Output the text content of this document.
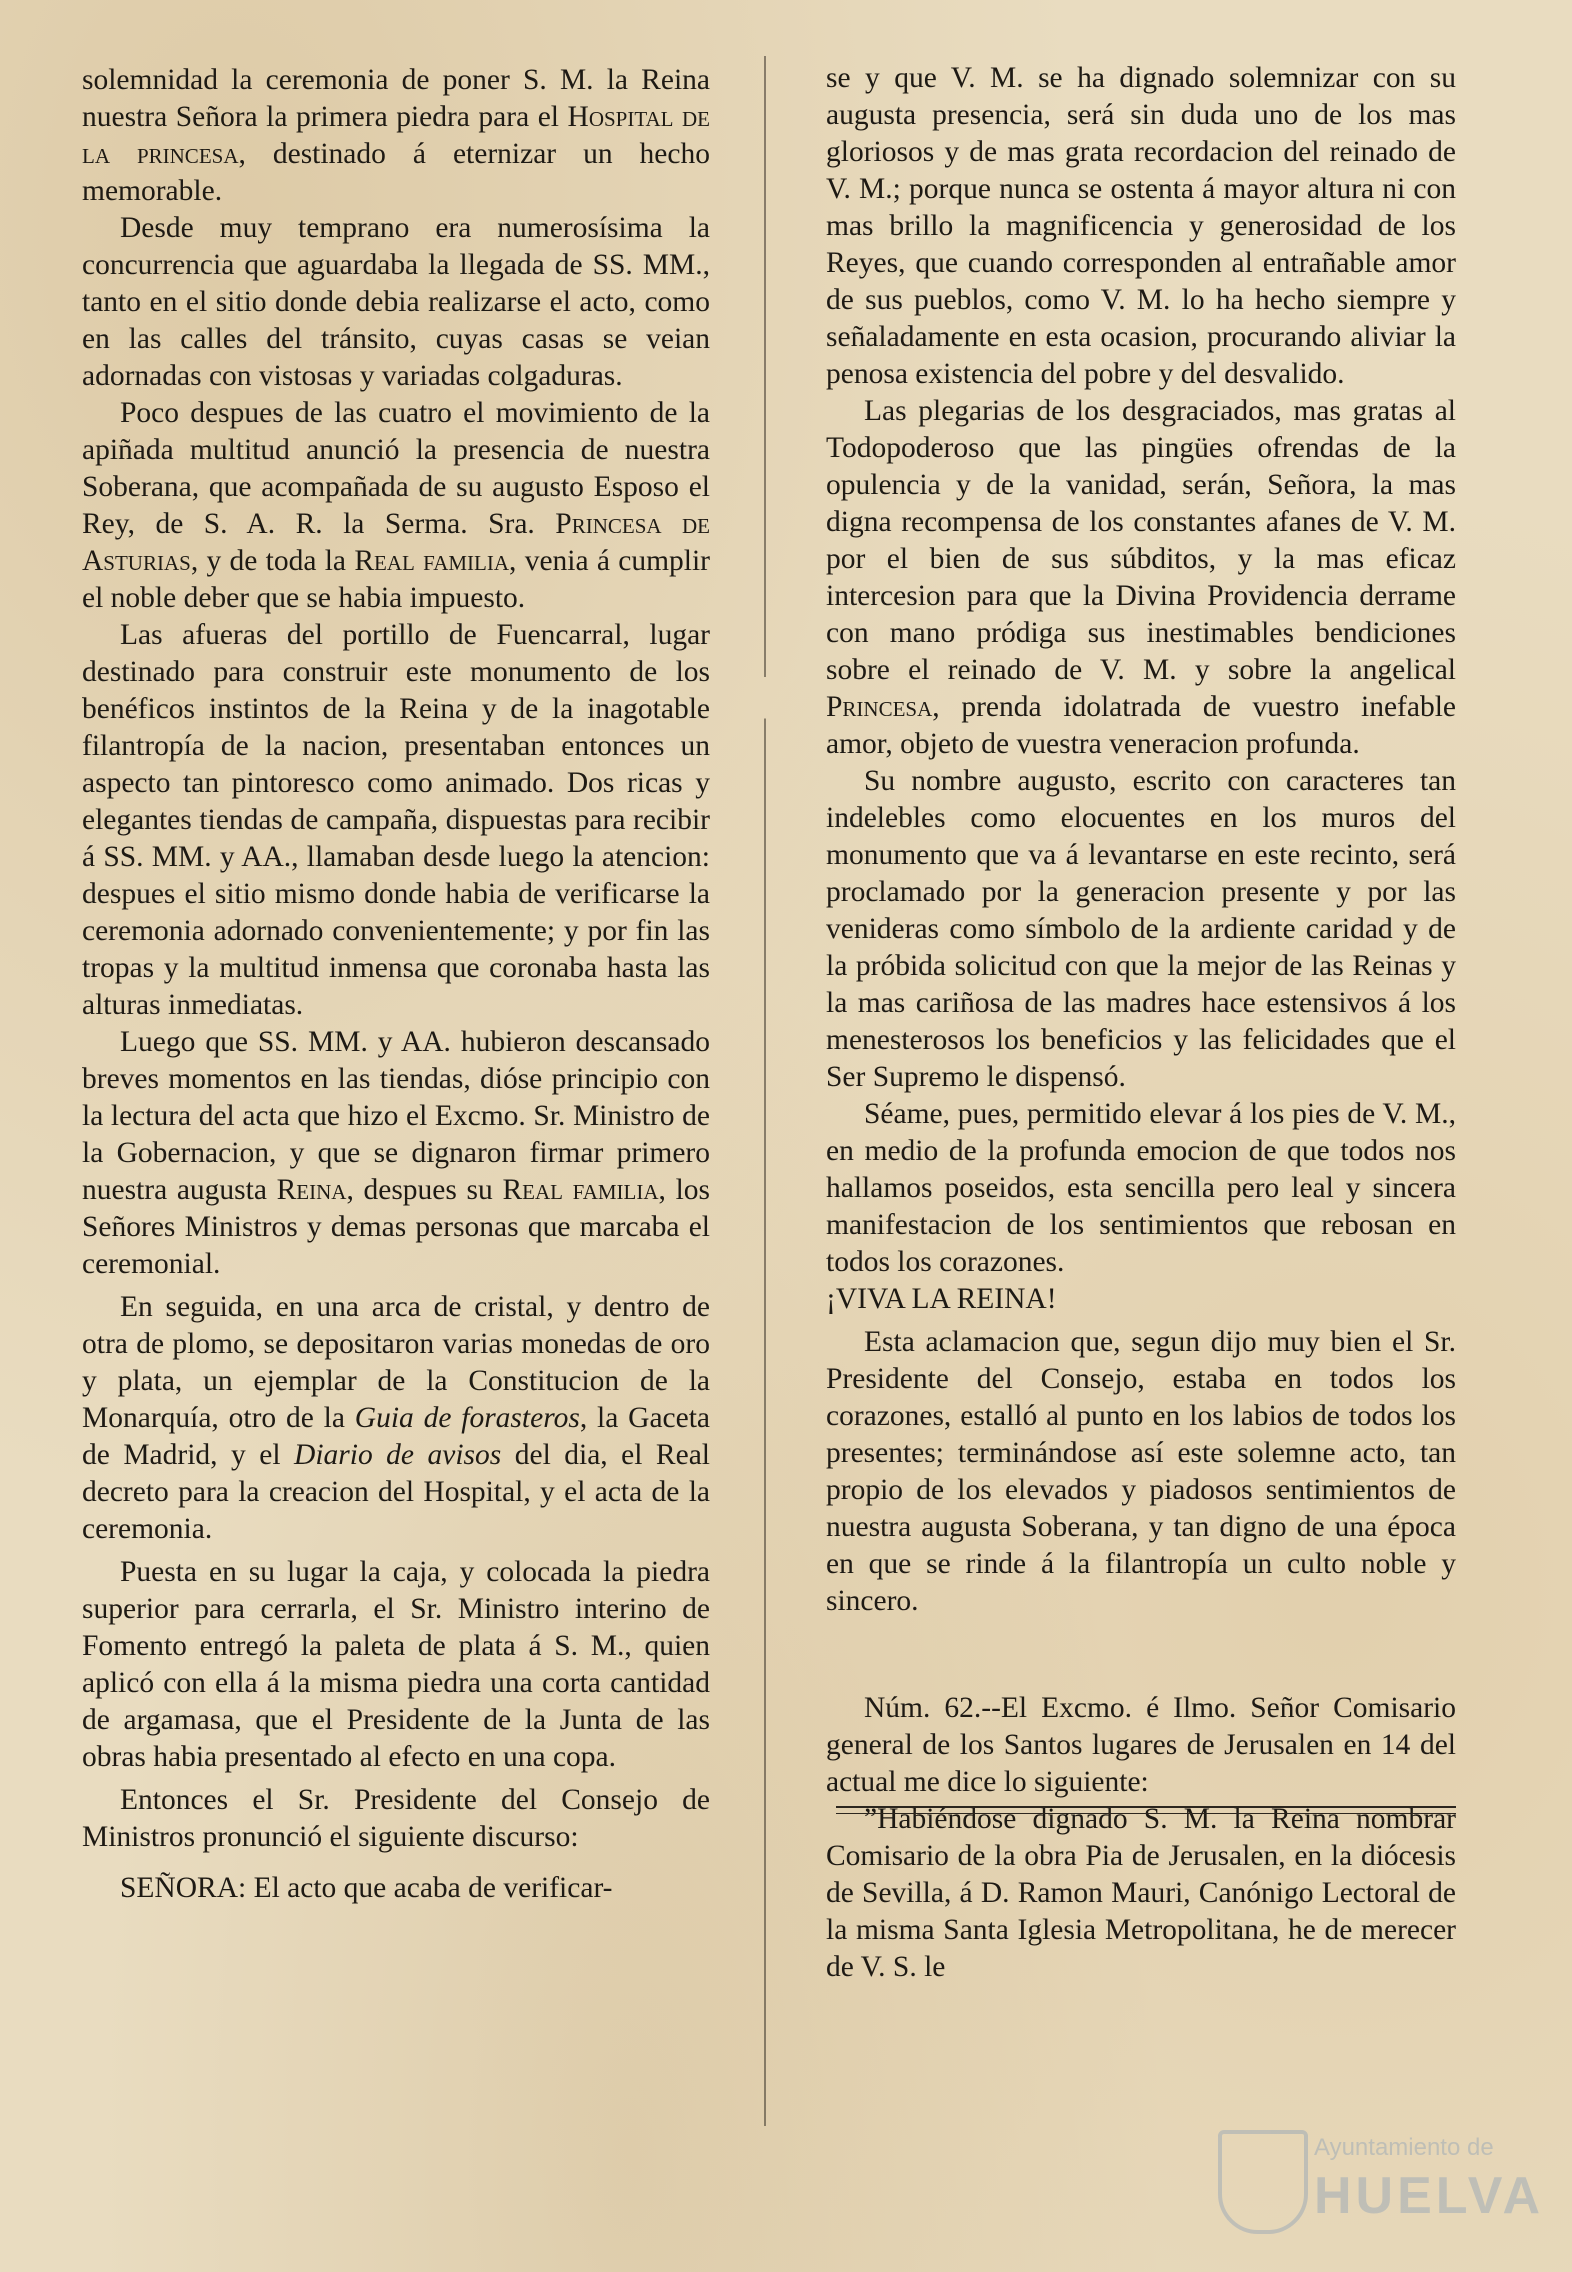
solemnidad la ceremonia de poner S. M. la Reina nuestra Señora la primera piedra para el Hospital de la princesa, destinado á eternizar un hecho memorable.

Desde muy temprano era numerosísima la concurrencia que aguardaba la llegada de SS. MM., tanto en el sitio donde debia realizarse el acto, como en las calles del tránsito, cuyas casas se veian adornadas con vistosas y variadas colgaduras.

Poco despues de las cuatro el movimiento de la apiñada multitud anunció la presencia de nuestra Soberana, que acompañada de su augusto Esposo el Rey, de S. A. R. la Serma. Sra. Princesa de Asturias, y de toda la Real familia, venia á cumplir el noble deber que se habia impuesto.

Las afueras del portillo de Fuencarral, lugar destinado para construir este monumento de los benéficos instintos de la Reina y de la inagotable filantropía de la nacion, presentaban entonces un aspecto tan pintoresco como animado. Dos ricas y elegantes tiendas de campaña, dispuestas para recibir á SS. MM. y AA., llamaban desde luego la atencion: despues el sitio mismo donde habia de verificarse la ceremonia adornado convenientemente; y por fin las tropas y la multitud inmensa que coronaba hasta las alturas inmediatas.

Luego que SS. MM. y AA. hubieron descansado breves momentos en las tiendas, dióse principio con la lectura del acta que hizo el Excmo. Sr. Ministro de la Gobernacion, y que se dignaron firmar primero nuestra augusta Reina, despues su Real familia, los Señores Ministros y demas personas que marcaba el ceremonial.

En seguida, en una arca de cristal, y dentro de otra de plomo, se depositaron varias monedas de oro y plata, un ejemplar de la Constitucion de la Monarquía, otro de la Guia de forasteros, la Gaceta de Madrid, y el Diario de avisos del dia, el Real decreto para la creacion del Hospital, y el acta de la ceremonia.

Puesta en su lugar la caja, y colocada la piedra superior para cerrarla, el Sr. Ministro interino de Fomento entregó la paleta de plata á S. M., quien aplicó con ella á la misma piedra una corta cantidad de argamasa, que el Presidente de la Junta de las obras habia presentado al efecto en una copa.

Entonces el Sr. Presidente del Consejo de Ministros pronunció el siguiente discurso:

SEÑORA: El acto que acaba de verificar-

se y que V. M. se ha dignado solemnizar con su augusta presencia, será sin duda uno de los mas gloriosos y de mas grata recordacion del reinado de V. M.; porque nunca se ostenta á mayor altura ni con mas brillo la magnificencia y generosidad de los Reyes, que cuando corresponden al entrañable amor de sus pueblos, como V. M. lo ha hecho siempre y señaladamente en esta ocasion, procurando aliviar la penosa existencia del pobre y del desvalido.

Las plegarias de los desgraciados, mas gratas al Todopoderoso que las pingües ofrendas de la opulencia y de la vanidad, serán, Señora, la mas digna recompensa de los constantes afanes de V. M. por el bien de sus súbditos, y la mas eficaz intercesion para que la Divina Providencia derrame con mano pródiga sus inestimables bendiciones sobre el reinado de V. M. y sobre la angelical Princesa, prenda idolatrada de vuestro inefable amor, objeto de vuestra veneracion profunda.

Su nombre augusto, escrito con caracteres tan indelebles como elocuentes en los muros del monumento que va á levantarse en este recinto, será proclamado por la generacion presente y por las venideras como símbolo de la ardiente caridad y de la próbida solicitud con que la mejor de las Reinas y la mas cariñosa de las madres hace estensivos á los menesterosos los beneficios y las felicidades que el Ser Supremo le dispensó.

Séame, pues, permitido elevar á los pies de V. M., en medio de la profunda emocion de que todos nos hallamos poseidos, esta sencilla pero leal y sincera manifestacion de los sentimientos que rebosan en todos los corazones.

¡VIVA LA REINA!

Esta aclamacion que, segun dijo muy bien el Sr. Presidente del Consejo, estaba en todos los corazones, estalló al punto en los labios de todos los presentes; terminándose así este solemne acto, tan propio de los elevados y piadosos sentimientos de nuestra augusta Soberana, y tan digno de una época en que se rinde á la filantropía un culto noble y sincero.

Núm. 62.--El Excmo. é Ilmo. Señor Comisario general de los Santos lugares de Jerusalen en 14 del actual me dice lo siguiente:

”Habiéndose dignado S. M. la Reina nombrar Comisario de la obra Pia de Jerusalen, en la diócesis de Sevilla, á D. Ramon Mauri, Canónigo Lectoral de la misma Santa Iglesia Metropolitana, he de merecer de V. S. le

Ayuntamiento de
HUELVA
